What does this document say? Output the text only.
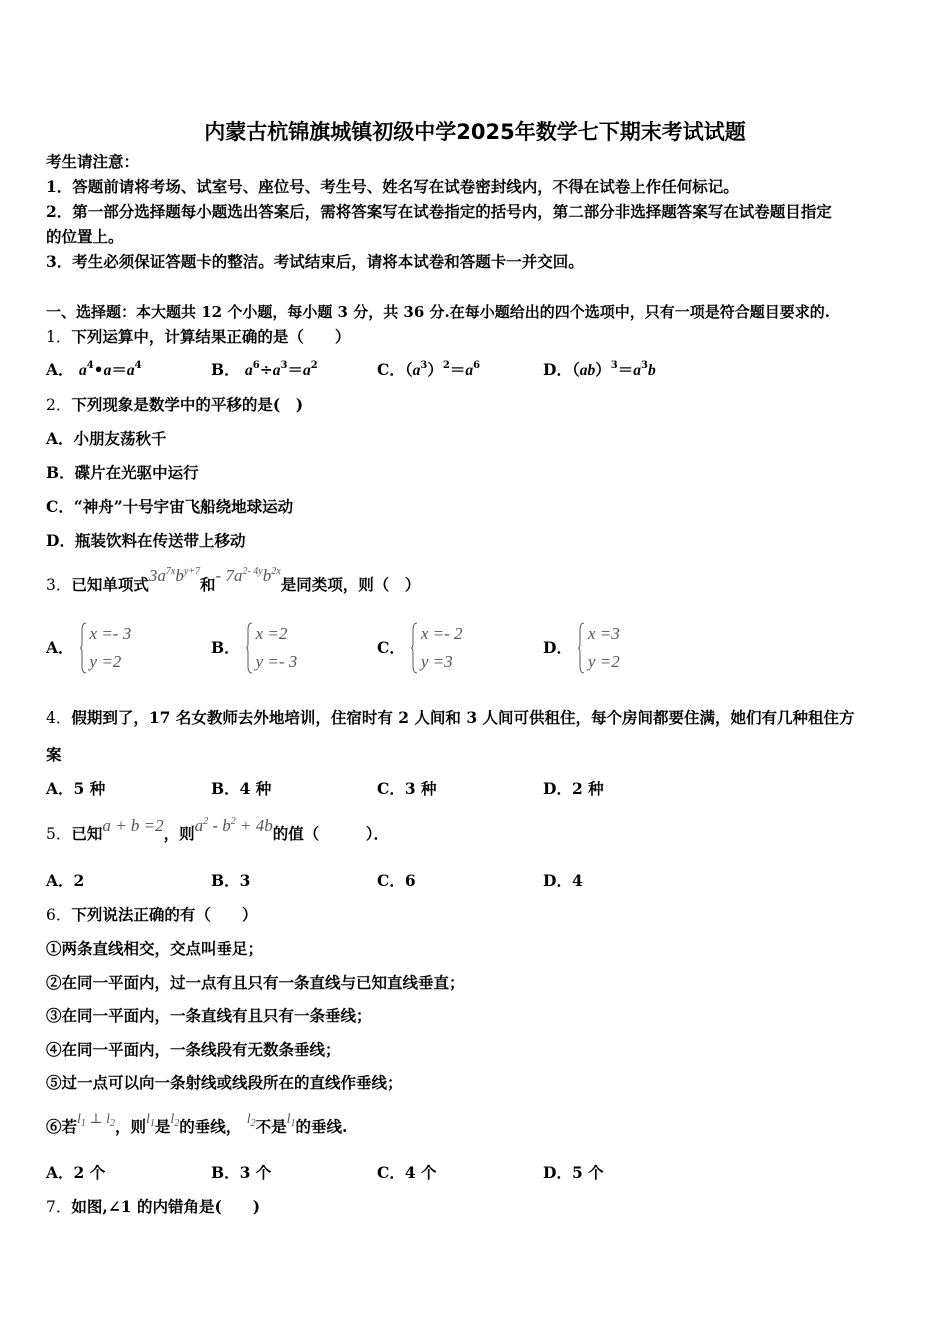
内蒙古杭锦旗城镇初级中学2025年数学七下期末考试试题
考生请注意：
1．答题前请将考场、试室号、座位号、考生号、姓名写在试卷密封线内，不得在试卷上作任何标记。
2．第一部分选择题每小题选出答案后，需将答案写在试卷指定的括号内，第二部分非选择题答案写在试卷题目指定
的位置上。
3．考生必须保证答题卡的整洁。考试结束后，请将本试卷和答题卡一并交回。
一、选择题：本大题共 12 个小题，每小题 3 分，共 36 分.在每小题给出的四个选项中，只有一项是符合题目要求的.
1．下列运算中，计算结果正确的是（　　）
A． $a^4•a=a^4$	B． $a^6\div a^3=a^2$	C．$(a^3)^2=a^6$	D．$(ab)^3=a^3b$
2．下列现象是数学中的平移的是(　)
A．小朋友荡秋千
B．碟片在光驱中运行
C．“神舟”十号宇宙飞船绕地球运动
D．瓶装饮料在传送带上移动
3．已知单项式$3a^{7x}b^{y+7}$和- $7a^{2- 4y}b^{2x}$是同类项，则（　）
A．
x =- 3
y =2
B．
x =2
y =- 3
C．
x =- 2
y =3
D．
x =3
y =2
4．假期到了，17 名女教师去外地培训，住宿时有 2 人间和 3 人间可供租住，每个房间都要住满，她们有几种租住方
案
A．5 种	B．4 种	C．3 种	D．2 种
5．已知a + b =2，则$a^2 - b^2 + 4b$的值（　　　）．
A．2	B．3	C．6	D．4
6．下列说法正确的有（　　）
①两条直线相交，交点叫垂足；
②在同一平面内，过一点有且只有一条直线与已知直线垂直；
③在同一平面内，一条直线有且只有一条垂线；
④在同一平面内，一条线段有无数条垂线；
⑤过一点可以向一条射线或线段所在的直线作垂线；
⑥若$l_1$ ⊥ $l_2$，则$l_1$是$l_2$的垂线， $l_2$不是$l_1$的垂线.
A．2 个	B．3 个	C．4 个	D．5 个
7．如图,∠1 的内错角是(　　)
